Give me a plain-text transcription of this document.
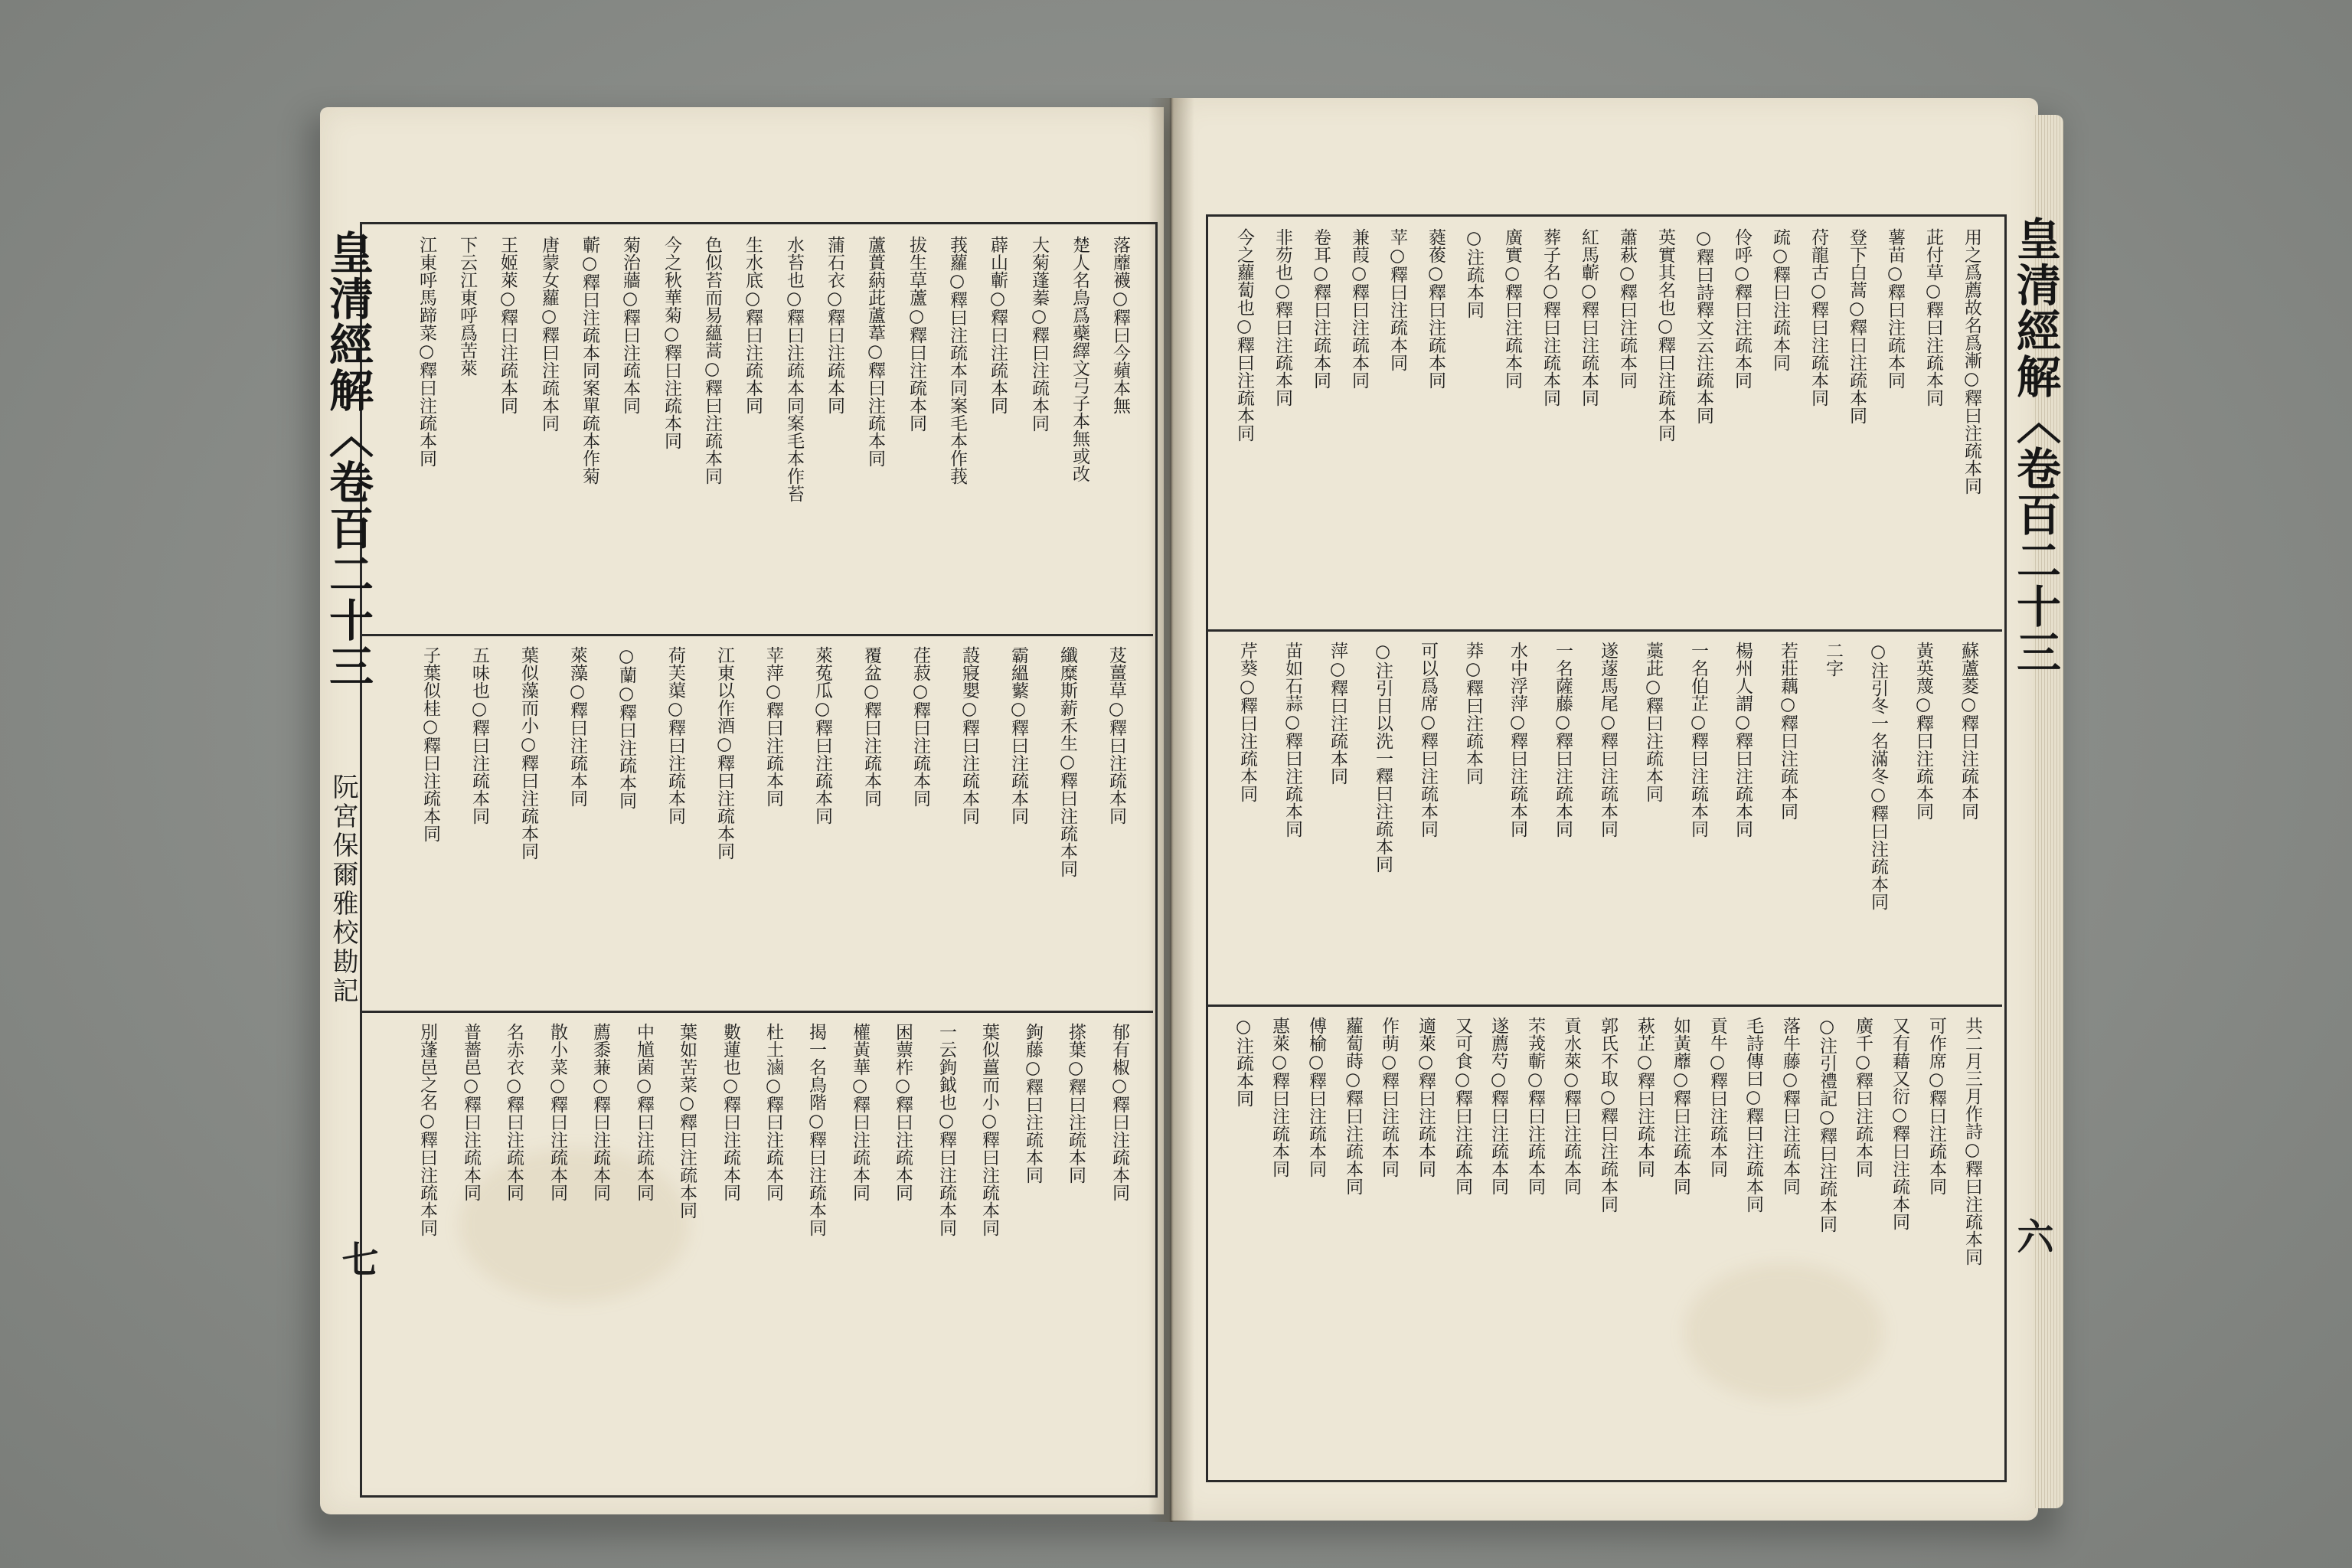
皇清經解〈卷百二十三	皇清經解〈卷百二十三
阮宮保爾雅校勘記
七
六
落蘼襪○釋曰今蘋本無
楚人名鳥爲蘗繹文弓子本無或改
大菊蓬蓁○釋曰注疏本同
薜山蘄○釋曰注疏本同
莪蘿○釋曰注疏本同案毛本作莪
拔生草蘆○釋曰注疏本同
蘆蕢蒳茈蘆葦○釋曰注疏本同
蒲石衣○釋曰注疏本同
水苔也○釋曰注疏本同案毛本作苔
生水底○釋曰注疏本同
色似苔而易蘊蒿○釋曰注疏本同
今之秋華菊○釋曰注疏本同
菊治蘠○釋曰注疏本同
蘄○釋曰注疏本同案單疏本作菊
唐蒙女蘿○釋曰注疏本同
王姬萊○釋曰注疏本同
下云江東呼爲苦萊
江東呼馬蹄菜○釋曰注疏本同
芨薑草○釋曰注疏本同
纖糜斯薪禾生○釋曰注疏本同
霸縕蘩○釋曰注疏本同
蔎寢嬰○釋曰注疏本同
荏菽○釋曰注疏本同
覆盆○釋曰注疏本同
萊菟瓜○釋曰注疏本同
苹萍○釋曰注疏本同
江東以作酒○釋曰注疏本同
荷芙蕖○釋曰注疏本同
○蘭○釋曰注疏本同
萊藻○釋曰注疏本同
葉似藻而小○釋曰注疏本同
五味也○釋曰注疏本同
子葉似桂○釋曰注疏本同
郁有椒○釋曰注疏本同
搽葉○釋曰注疏本同
鉤藤○釋曰注疏本同
葉似薑而小○釋曰注疏本同
一云鉤鉞也○釋曰注疏本同
困蔈柞○釋曰注疏本同
權黃華○釋曰注疏本同
揭一名鳥階○釋曰注疏本同
杜土滷○釋曰注疏本同
數蓮也○釋曰注疏本同
葉如苦菜○釋曰注疏本同
中馗菌○釋曰注疏本同
薦黍蒹○釋曰注疏本同
散小菜○釋曰注疏本同
名赤衣○釋曰注疏本同
普薔邑○釋曰注疏本同
別蓬邑之名○釋曰注疏本同
用之爲薦故名爲漸○釋曰注疏本同
茈付草○釋曰注疏本同
薯苗○釋曰注疏本同
登下白蒿○釋曰注疏本同
苻龍古○釋曰注疏本同
疏○釋曰注疏本同
伶呼○釋曰注疏本同
○釋曰詩釋文云注疏本同
英實其名也○釋曰注疏本同
蕭萩○釋曰注疏本同
紅馬蘄○釋曰注疏本同
葬子名○釋曰注疏本同
廣實○釋曰注疏本同
○注疏本同
蕤葰○釋曰注疏本同
苹○釋曰注疏本同
兼葭○釋曰注疏本同
卷耳○釋曰注疏本同
非芴也○釋曰注疏本同
今之蘿蔔也○釋曰注疏本同
蘇蘆菱○釋曰注疏本同
黃英蔑○釋曰注疏本同
○注引冬一名滿冬○釋曰注疏本同
二字
若莊藕○釋曰注疏本同
楊州人謂○釋曰注疏本同
一名伯芷○釋曰注疏本同
藁茈○釋曰注疏本同
遂蓫馬尾○釋曰注疏本同
一名薩藤○釋曰注疏本同
水中浮萍○釋曰注疏本同
莽○釋曰注疏本同
可以爲席○釋曰注疏本同
○注引日以洗一釋曰注疏本同
萍○釋曰注疏本同
苗如石蒜○釋曰注疏本同
芹葵○釋曰注疏本同
共二月三月作詩○釋曰注疏本同
可作席○釋曰注疏本同
又有藉又衍○釋曰注疏本同
廣千○釋曰注疏本同
○注引禮記○釋曰注疏本同
落牛藤○釋曰注疏本同
毛詩傳曰○釋曰注疏本同
貢牛○釋曰注疏本同
如黃蘼○釋曰注疏本同
萩芷○釋曰注疏本同
郭氏不取○釋曰注疏本同
貢水萊○釋曰注疏本同
芣茙蘄○釋曰注疏本同
遂薦芍○釋曰注疏本同
又可食○釋曰注疏本同
適萊○釋曰注疏本同
作萌○釋曰注疏本同
蘿蔔蒔○釋曰注疏本同
傅榆○釋曰注疏本同
惠萊○釋曰注疏本同
○注疏本同
